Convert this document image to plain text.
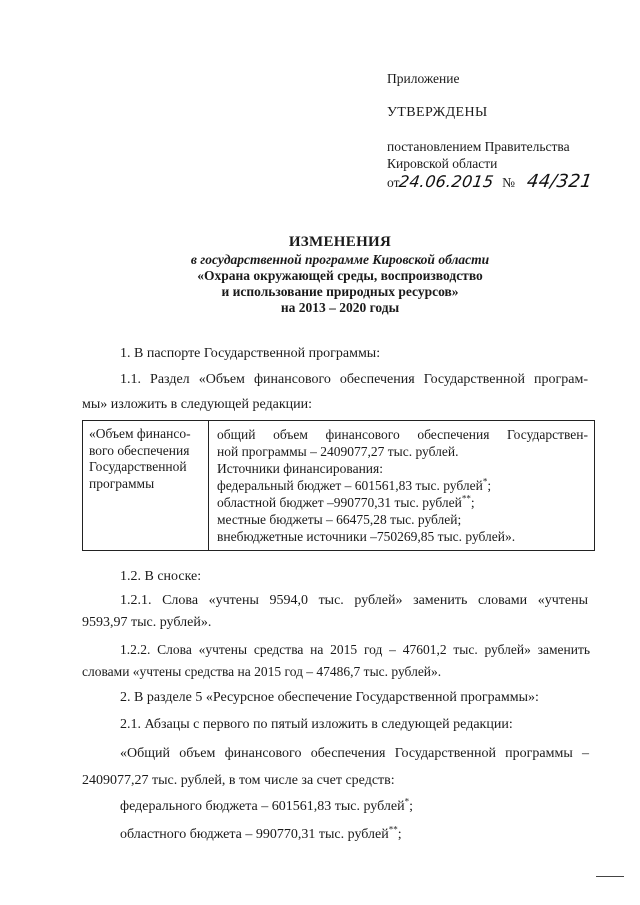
Приложение
УТВЕРЖДЕНЫ
постановлением Правительства
Кировской области
от24.06.2015 № 44/321
ИЗМЕНЕНИЯ
в государственной программе Кировской области
«Охрана окружающей среды, воспроизводство
и использование природных ресурсов»
на 2013 – 2020 годы
1. В паспорте Государственной программы:
1.1. Раздел «Объем финансового обеспечения Государственной програм-
мы» изложить в следующей редакции:
«Объем финансо-
вого обеспечения
Государственной
программы
общий объем финансового обеспечения Государствен-
ной программы – 2409077,27 тыс. рублей.
Источники финансирования:
федеральный бюджет – 601561,83 тыс. рублей*;
областной бюджет –990770,31 тыс. рублей**;
местные бюджеты – 66475,28 тыс. рублей;
внебюджетные источники –750269,85 тыс. рублей».
1.2. В сноске:
1.2.1. Слова «учтены 9594,0 тыс. рублей» заменить словами «учтены
9593,97 тыс. рублей».
1.2.2. Слова «учтены средства на 2015 год – 47601,2 тыс. рублей» заменить
словами «учтены средства на 2015 год – 47486,7 тыс. рублей».
2. В разделе 5 «Ресурсное обеспечение Государственной программы»:
2.1. Абзацы с первого по пятый изложить в следующей редакции:
«Общий объем финансового обеспечения Государственной программы –
2409077,27 тыс. рублей, в том числе за счет средств:
федерального бюджета – 601561,83 тыс. рублей*;
областного бюджета – 990770,31 тыс. рублей**;
